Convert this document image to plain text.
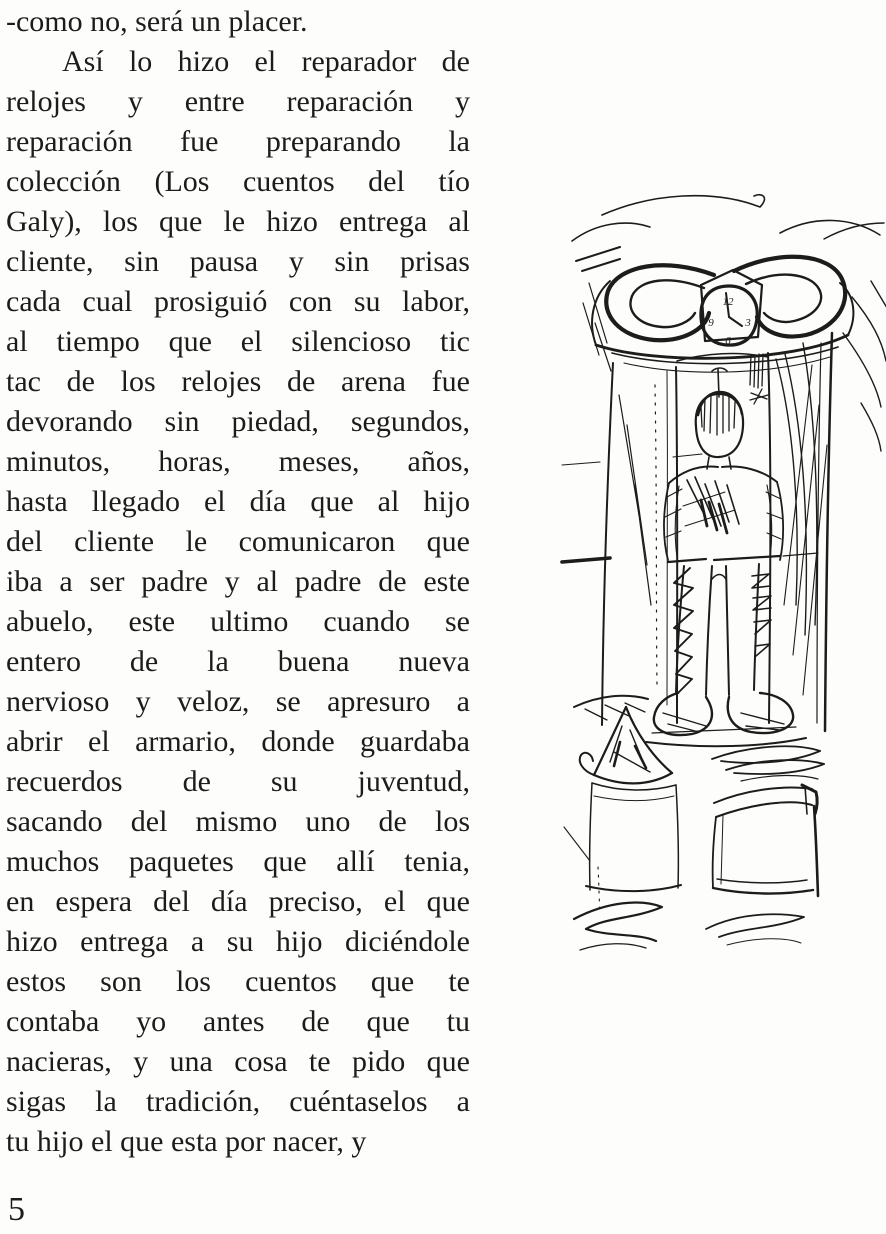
-como no, será un placer.
Así lo hizo el reparador de
relojes y entre reparación y
reparación fue preparando la
colección (Los cuentos del tío
Galy), los que le hizo entrega al
cliente, sin pausa y sin prisas
cada cual prosiguió con su labor,
al tiempo que el silencioso tic
tac de los relojes de arena fue
devorando sin piedad, segundos,
minutos, horas, meses, años,
hasta llegado el día que al hijo
del cliente le comunicaron que
iba a ser padre y al padre de este
abuelo, este ultimo cuando se
entero de la buena nueva
nervioso y veloz, se apresuro a
abrir el armario, donde guardaba
recuerdos de su juventud,
sacando del mismo uno de los
muchos paquetes que allí tenia,
en espera del día preciso, el que
hizo entrega a su hijo diciéndole
estos son los cuentos que te
contaba yo antes de que tu
nacieras, y una cosa te pido que
sigas la tradición, cuéntaselos a
tu hijo el que esta por nacer, y
12
3
6
9
5
